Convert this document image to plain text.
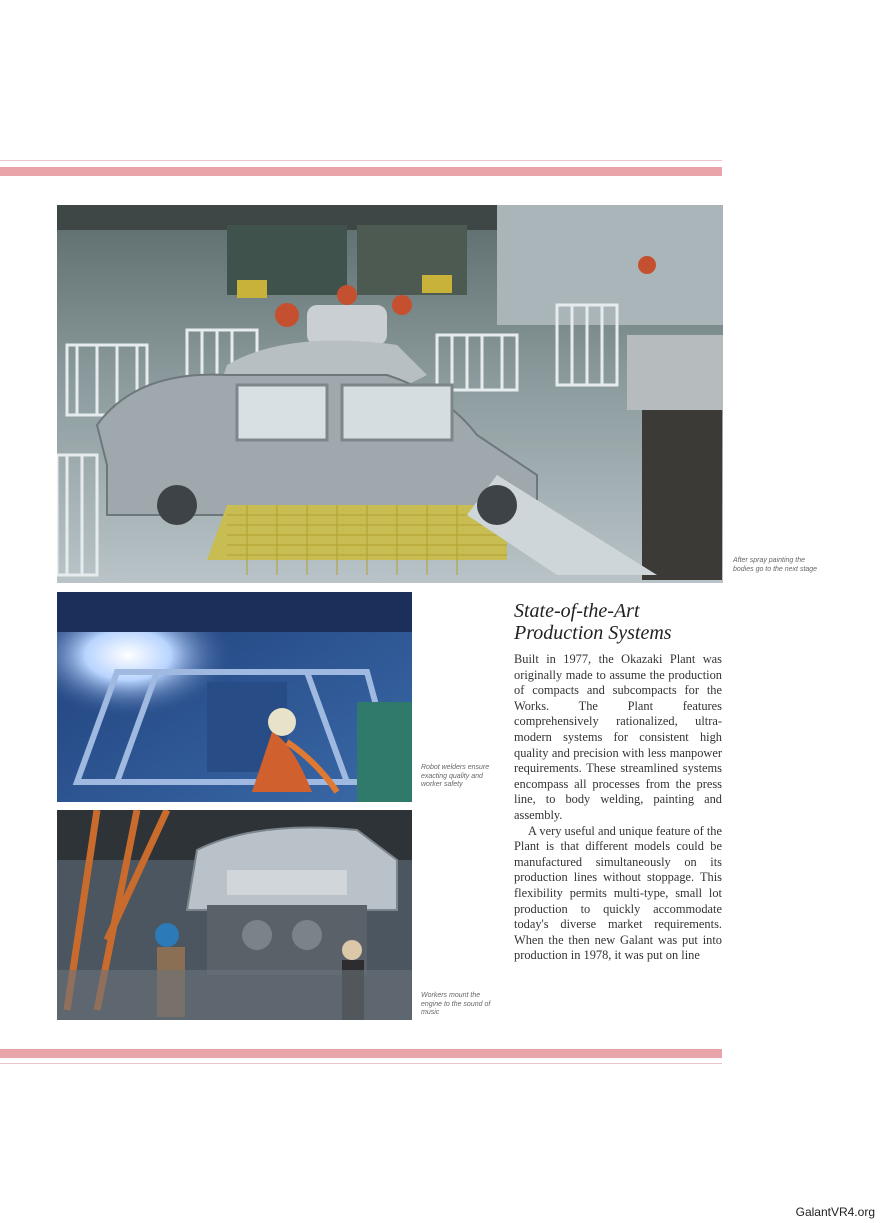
After spray painting the bodies go to the next stage
Robot welders ensure exacting quality and worker safety
Workers mount the engine to the sound of music
State-of-the-Art
Production Systems

Built in 1977, the Okazaki Plant was originally made to assume the production of compacts and subcompacts for the Works. The Plant features comprehensively rationalized, ultra-modern systems for consistent high quality and precision with less manpower requirements. These streamlined systems encompass all processes from the press line, to body welding, painting and assembly.

A very useful and unique feature of the Plant is that different models could be manufactured simultaneously on its production lines without stoppage. This flexibility permits multi-type, small lot production to quickly accommodate today's diverse market requirements. When the then new Galant was put into production in 1978, it was put on line

GalantVR4.org
